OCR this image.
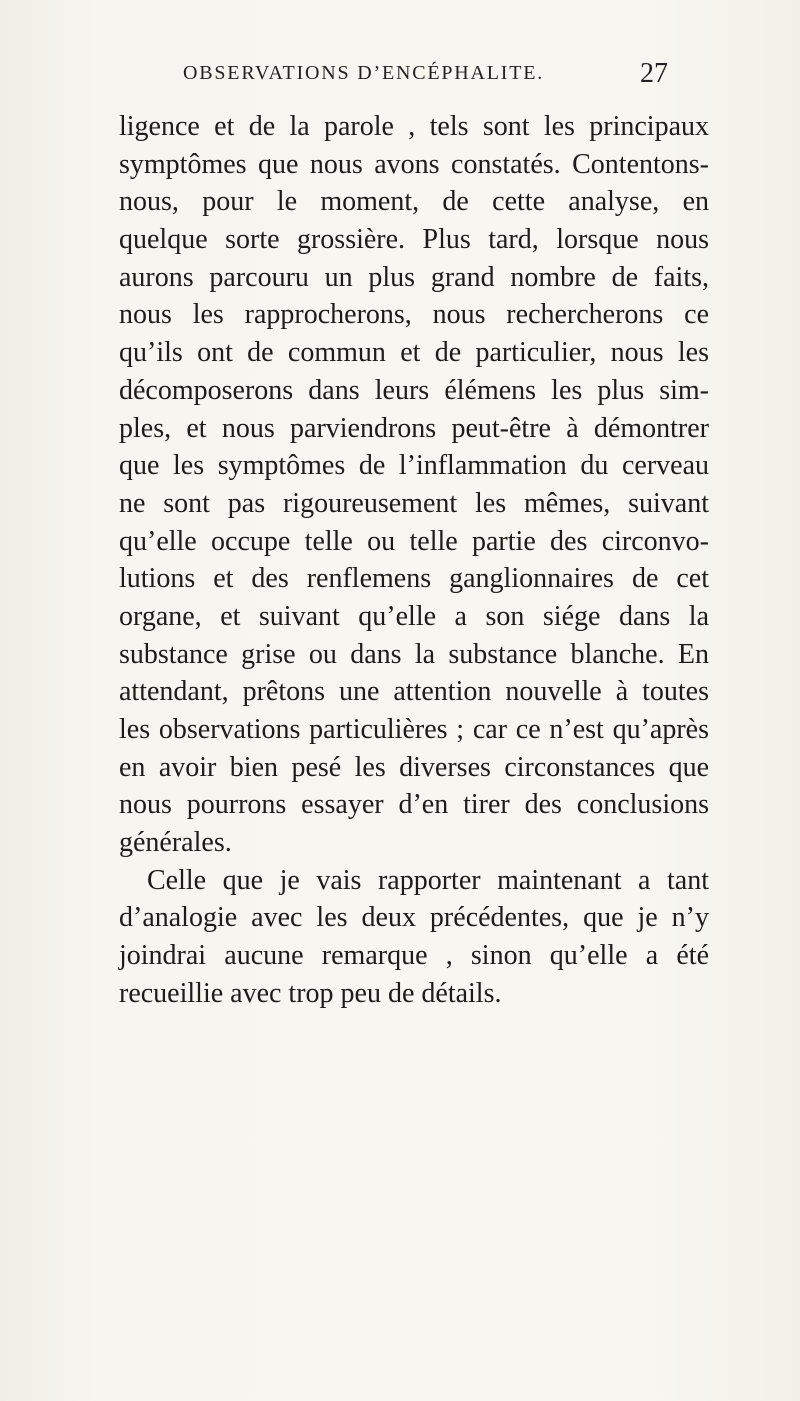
OBSERVATIONS D’ENCÉPHALITE.	27
ligence et de la parole , tels sont les principaux
symptômes que nous avons constatés. Contentons-
nous, pour le moment, de cette analyse, en
quelque sorte grossière. Plus tard, lorsque nous
aurons parcouru un plus grand nombre de faits,
nous les rapprocherons, nous rechercherons ce
qu’ils ont de commun et de particulier, nous les
décomposerons dans leurs élémens les plus sim-
ples, et nous parviendrons peut-être à démontrer
que les symptômes de l’inflammation du cerveau
ne sont pas rigoureusement les mêmes, suivant
qu’elle occupe telle ou telle partie des circonvo-
lutions et des renflemens ganglionnaires de cet
organe, et suivant qu’elle a son siége dans la
substance grise ou dans la substance blanche. En
attendant, prêtons une attention nouvelle à toutes
les observations particulières ; car ce n’est qu’après
en avoir bien pesé les diverses circonstances que
nous pourrons essayer d’en tirer des conclusions
générales.
Celle que je vais rapporter maintenant a tant
d’analogie avec les deux précédentes, que je n’y
joindrai aucune remarque , sinon qu’elle a été
recueillie avec trop peu de détails.
